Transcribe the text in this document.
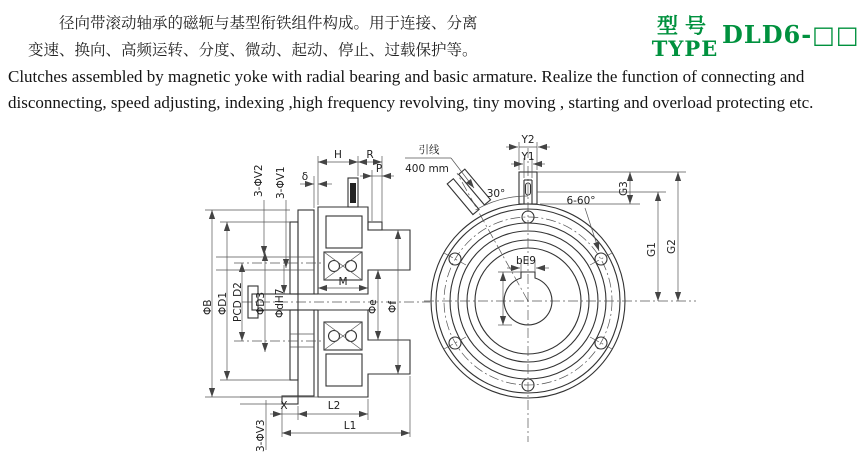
径向带滚动轴承的磁轭与基型衔铁组件构成。用于连接、分离
变速、换向、高频运转、分度、微动、起动、停止、过载保护等。
型号
TYPE DLD6-□□
Clutches assembled by magnetic yoke with radial bearing and basic armature. Realize the function of connecting and
disconnecting, speed adjusting, indexing ,high frequency revolving, tiny moving , starting and overload protecting etc.
δ
H R
P
3-ΦV2 3-ΦV1
ΦB ΦD1 PCD D2 ΦD3 ΦdH7
M
Φe Φf
X	L2
L1
3-ΦV3
bE9
引线
400 mm
30°
6-60°
Y2
Y1
G3
G1 G2
